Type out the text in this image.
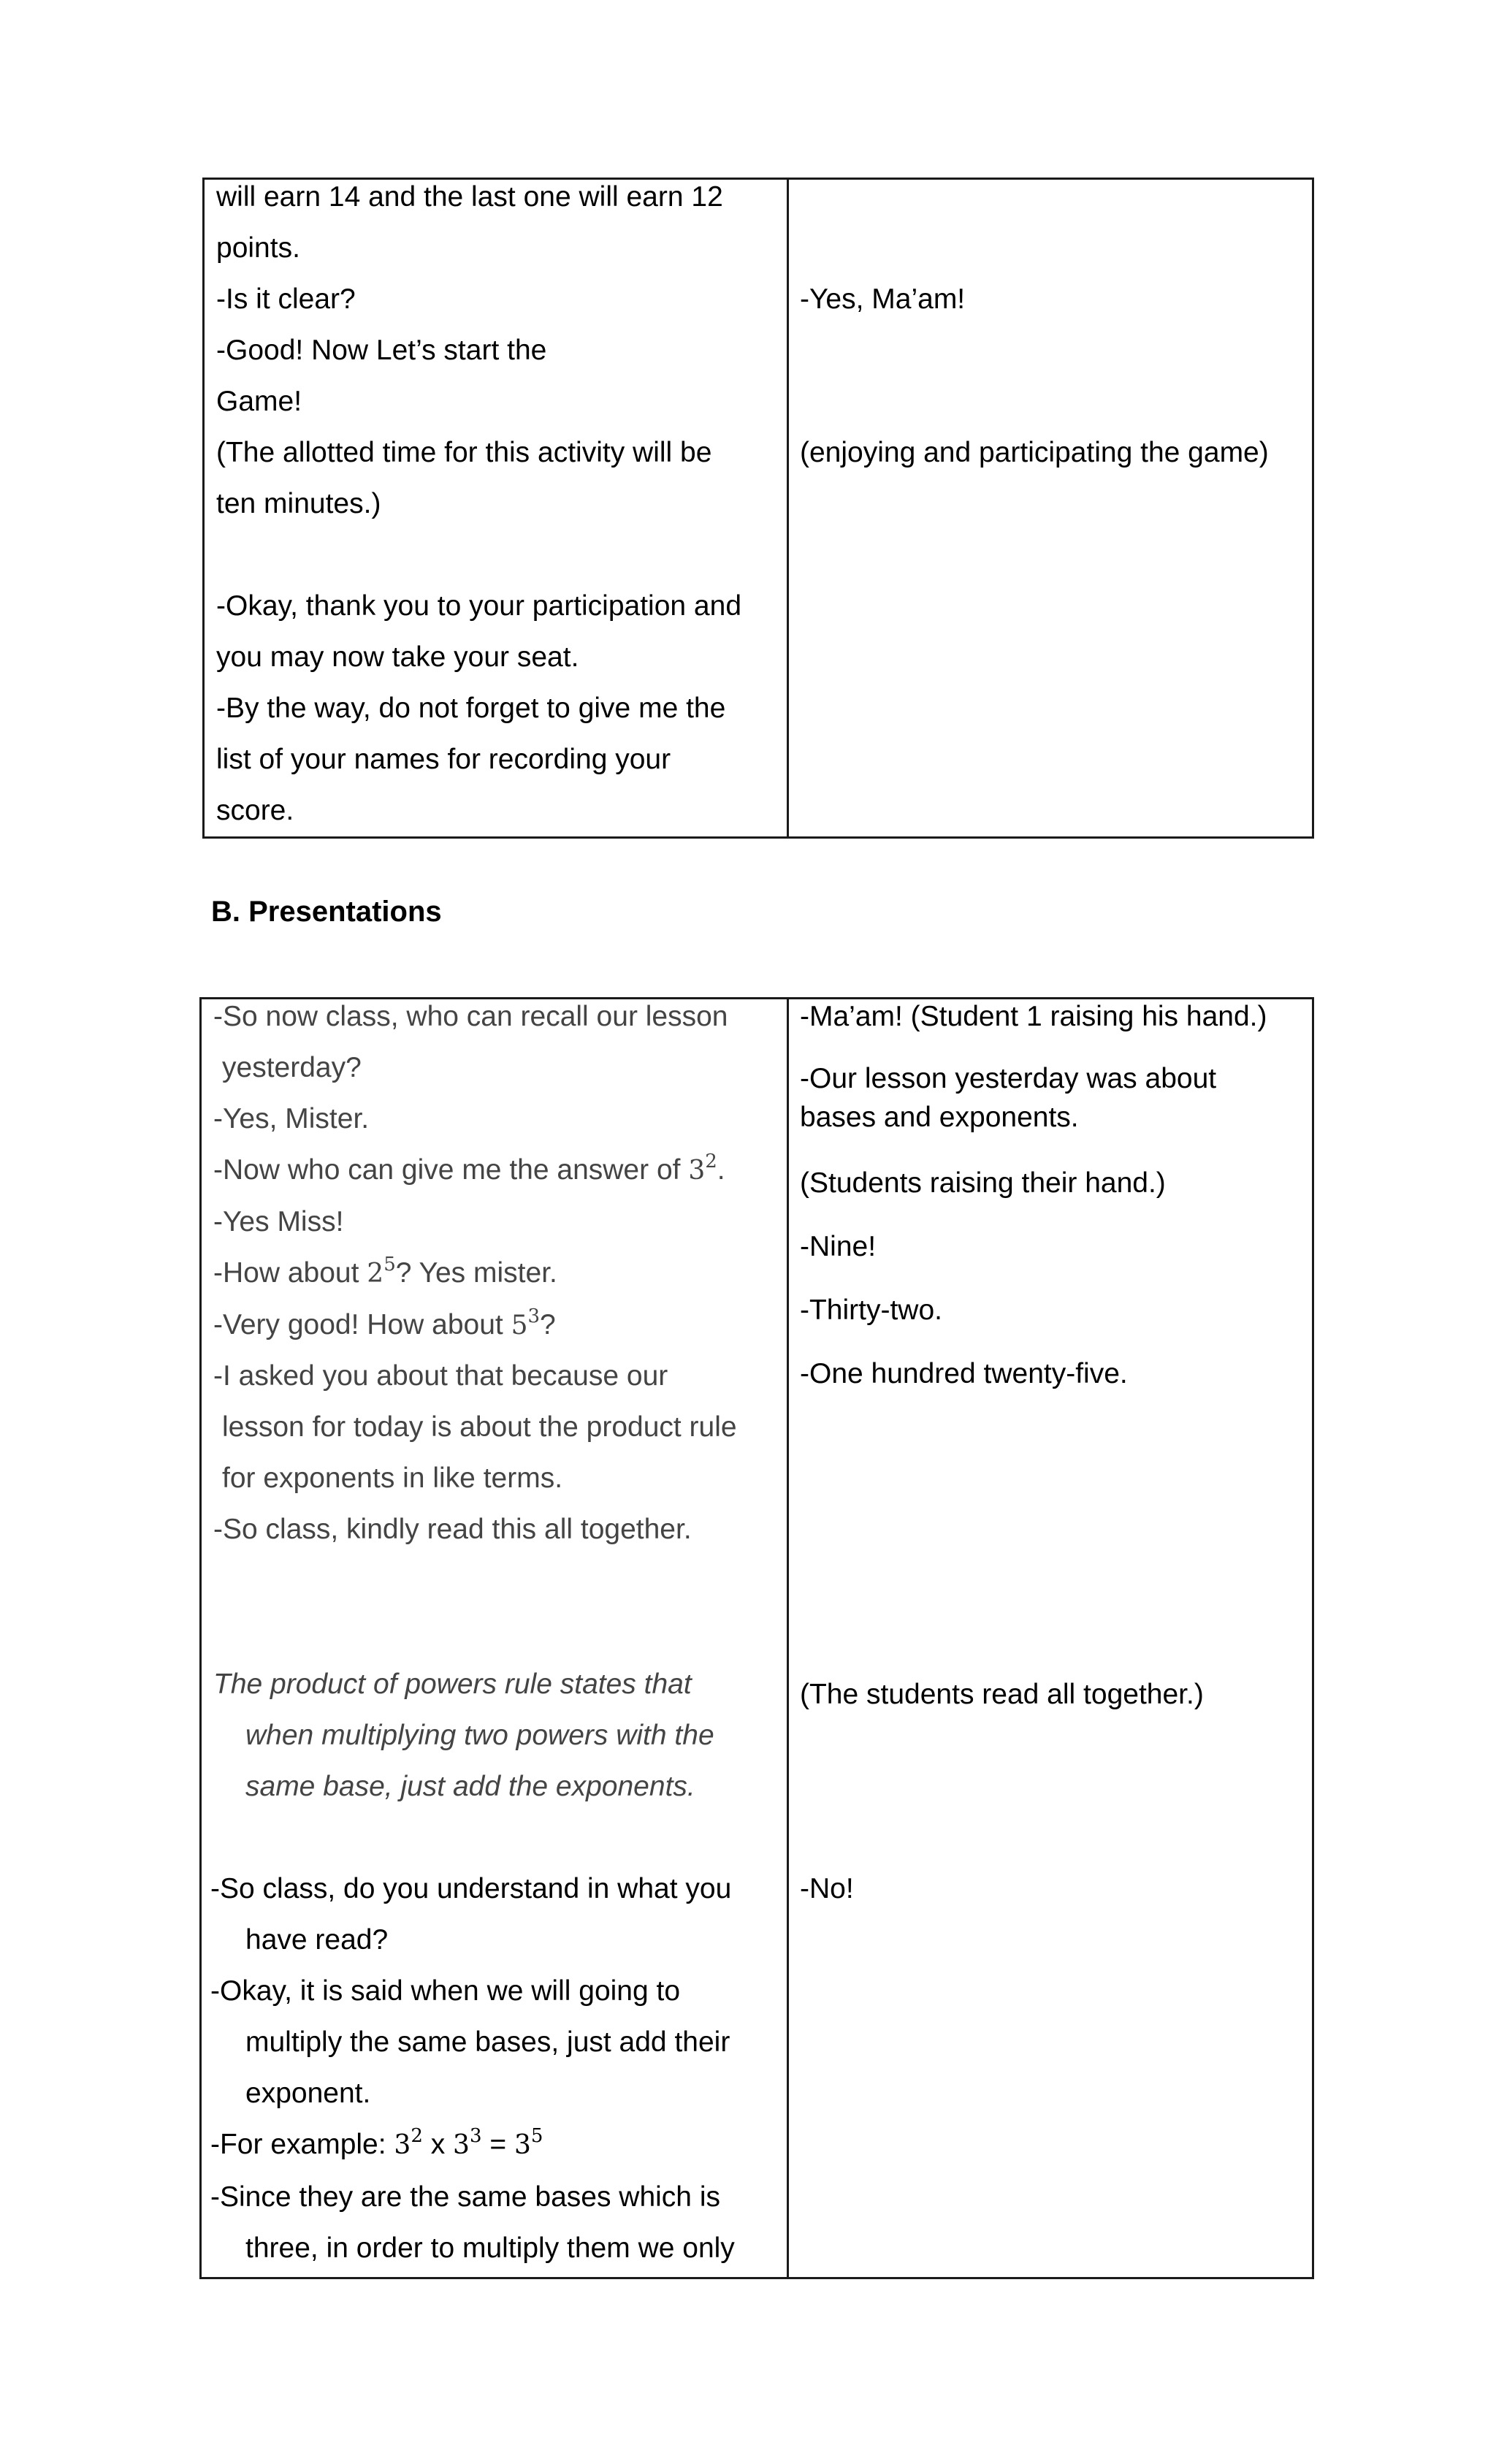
will earn 14 and the last one will earn 12
points.
-Is it clear?
-Good! Now Let’s start the
Game!
(The allotted time for this activity will be
ten minutes.)
-Okay, thank you to your participation and
you may now take your seat.
-By the way, do not forget to give me the
list of your names for recording your
score.
-Yes, Ma’am!
(enjoying and participating the game)
B. Presentations
-So now class, who can recall our lesson
yesterday?
-Yes, Mister.
-Now who can give me the answer of $3^2$.
-Yes Miss!
-How about $2^5$? Yes mister.
-Very good! How about $5^3$?
-I asked you about that because our
lesson for today is about the product rule
for exponents in like terms.
-So class, kindly read this all together.
The product of powers rule states that
when multiplying two powers with the
same base, just add the exponents.
-So class, do you understand in what you
have read?
-Okay, it is said when we will going to
multiply the same bases, just add their
exponent.
-For example: $3^2$ x $3^3 = 3^5$
-Since they are the same bases which is
three, in order to multiply them we only
-Ma’am! (Student 1 raising his hand.)
-Our lesson yesterday was about
bases and exponents.
(Students raising their hand.)
-Nine!
-Thirty-two.
-One hundred twenty-five.
(The students read all together.)
-No!
